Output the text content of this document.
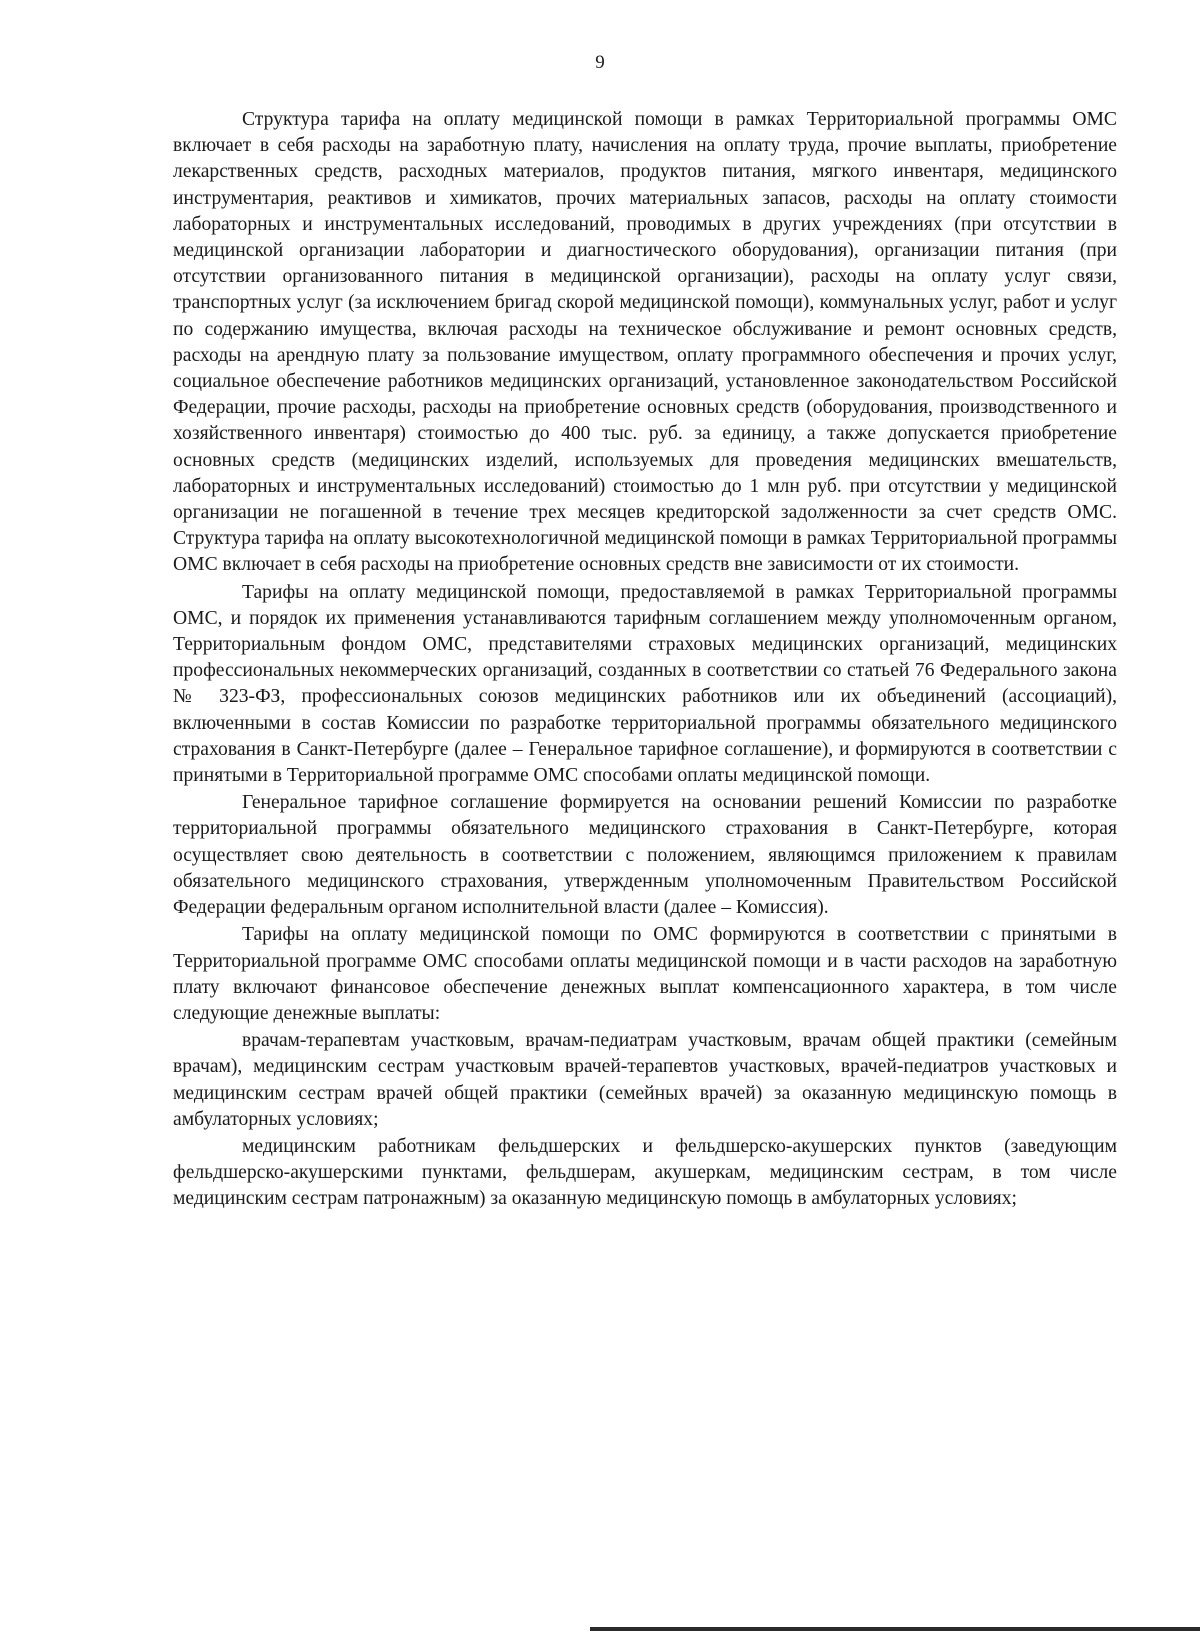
9

Структура тарифа на оплату медицинской помощи в рамках Территориальной программы ОМС включает в себя расходы на заработную плату, начисления на оплату труда, прочие выплаты, приобретение лекарственных средств, расходных материалов, продуктов питания, мягкого инвентаря, медицинского инструментария, реактивов и химикатов, прочих материальных запасов, расходы на оплату стоимости лабораторных и инструментальных исследований, проводимых в других учреждениях (при отсутствии в медицинской организации лаборатории и диагностического оборудования), организации питания (при отсутствии организованного питания в медицинской организации), расходы на оплату услуг связи, транспортных услуг (за исключением бригад скорой медицинской помощи), коммунальных услуг, работ и услуг по содержанию имущества, включая расходы на техническое обслуживание и ремонт основных средств, расходы на арендную плату за пользование имуществом, оплату программного обеспечения и прочих услуг, социальное обеспечение работников медицинских организаций, установленное законодательством Российской Федерации, прочие расходы, расходы на приобретение основных средств (оборудования, производственного и хозяйственного инвентаря) стоимостью до 400 тыс. руб. за единицу, а также допускается приобретение основных средств (медицинских изделий, используемых для проведения медицинских вмешательств, лабораторных и инструментальных исследований) стоимостью до 1 млн руб. при отсутствии у медицинской организации не погашенной в течение трех месяцев кредиторской задолженности за счет средств ОМС. Структура тарифа на оплату высокотехнологичной медицинской помощи в рамках Территориальной программы ОМС включает в себя расходы на приобретение основных средств вне зависимости от их стоимости.

Тарифы на оплату медицинской помощи, предоставляемой в рамках Территориальной программы ОМС, и порядок их применения устанавливаются тарифным соглашением между уполномоченным органом, Территориальным фондом ОМС, представителями страховых медицинских организаций, медицинских профессиональных некоммерческих организаций, созданных в соответствии со статьей 76 Федерального закона № 323-ФЗ, профессиональных союзов медицинских работников или их объединений (ассоциаций), включенными в состав Комиссии по разработке территориальной программы обязательного медицинского страхования в Санкт-Петербурге (далее – Генеральное тарифное соглашение), и формируются в соответствии с принятыми в Территориальной программе ОМС способами оплаты медицинской помощи.

Генеральное тарифное соглашение формируется на основании решений Комиссии по разработке территориальной программы обязательного медицинского страхования в Санкт-Петербурге, которая осуществляет свою деятельность в соответствии с положением, являющимся приложением к правилам обязательного медицинского страхования, утвержденным уполномоченным Правительством Российской Федерации федеральным органом исполнительной власти (далее – Комиссия).

Тарифы на оплату медицинской помощи по ОМС формируются в соответствии с принятыми в Территориальной программе ОМС способами оплаты медицинской помощи и в части расходов на заработную плату включают финансовое обеспечение денежных выплат компенсационного характера, в том числе следующие денежные выплаты:

врачам-терапевтам участковым, врачам-педиатрам участковым, врачам общей практики (семейным врачам), медицинским сестрам участковым врачей-терапевтов участковых, врачей-педиатров участковых и медицинским сестрам врачей общей практики (семейных врачей) за оказанную медицинскую помощь в амбулаторных условиях;

медицинским работникам фельдшерских и фельдшерско-акушерских пунктов (заведующим фельдшерско-акушерскими пунктами, фельдшерам, акушеркам, медицинским сестрам, в том числе медицинским сестрам патронажным) за оказанную медицинскую помощь в амбулаторных условиях;
